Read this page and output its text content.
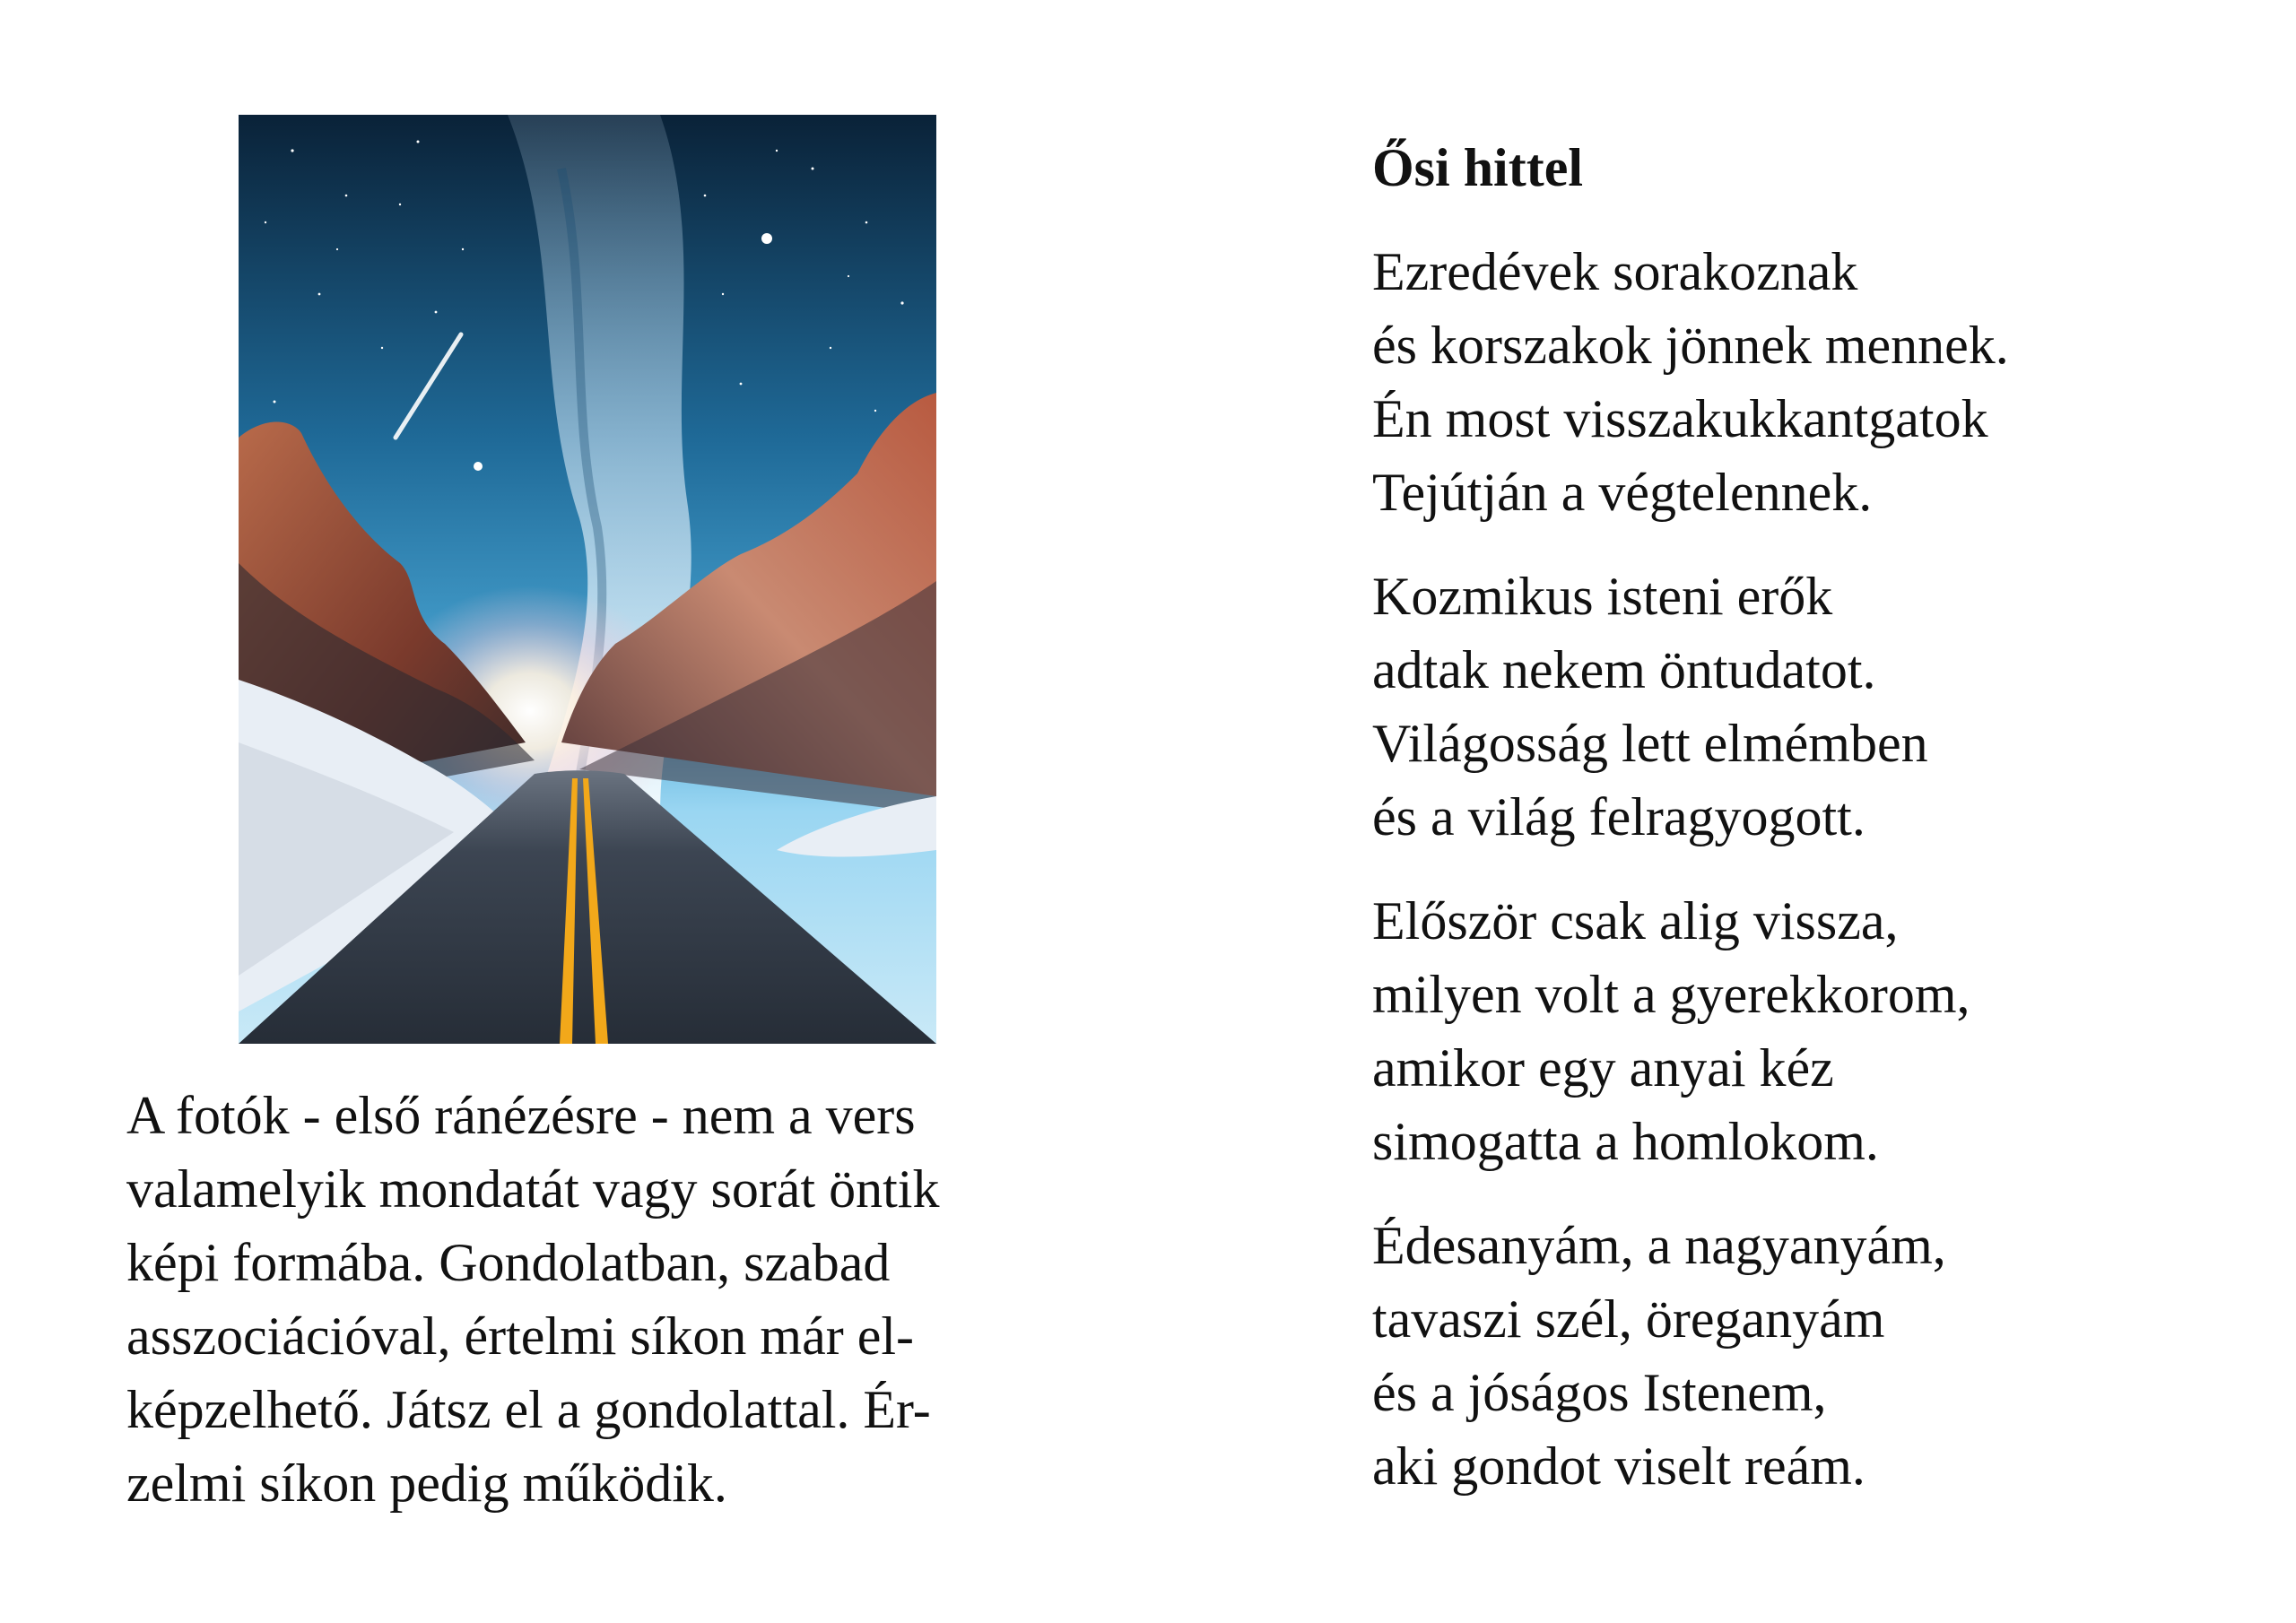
A fotók - első ránézésre - nem a vers
valamelyik mondatát vagy sorát öntik
képi formába. Gondolatban, szabad
asszociációval, értelmi síkon már el-
képzelhető. Játsz el a gondolattal. Ér-
zelmi síkon pedig működik.
Ősi hittel
Ezredévek sorakoznak
és korszakok jönnek mennek.
Én most visszakukkantgatok
Tejútján a végtelennek.
Kozmikus isteni erők
adtak nekem öntudatot.
Világosság lett elmémben
és a világ felragyogott.
Először csak alig vissza,
milyen volt a gyerekkorom,
amikor egy anyai kéz
simogatta a homlokom.
Édesanyám, a nagyanyám,
tavaszi szél, öreganyám
és a jóságos Istenem,
aki gondot viselt reám.
